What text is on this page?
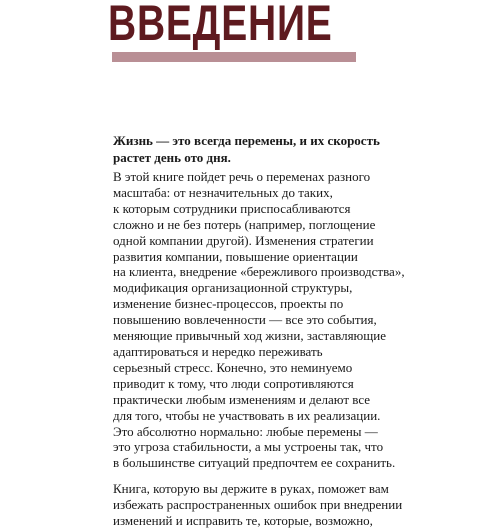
ВВЕДЕНИЕ

Жизнь — это всегда перемены, и их скорость
растет день ото дня.

В этой книге пойдет речь о переменах разного
масштаба: от незначительных до таких,
к которым сотрудники приспосабливаются
сложно и не без потерь (например, поглощение
одной компании другой). Изменения стратегии
развития компании, повышение ориентации
на клиента, внедрение «бережливого производства»,
модификация организационной структуры,
изменение бизнес-процессов, проекты по
повышению вовлеченности — все это события,
меняющие привычный ход жизни, заставляющие
адаптироваться и нередко переживать
серьезный стресс. Конечно, это неминуемо
приводит к тому, что люди сопротивляются
практически любым изменениям и делают все
для того, чтобы не участвовать в их реализации.
Это абсолютно нормально: любые перемены —
это угроза стабильности, а мы устроены так, что
в большинстве ситуаций предпочтем ее сохранить.
Книга, которую вы держите в руках, поможет вам
избежать распространенных ошибок при внедрении
изменений и исправить те, которые, возможно,
